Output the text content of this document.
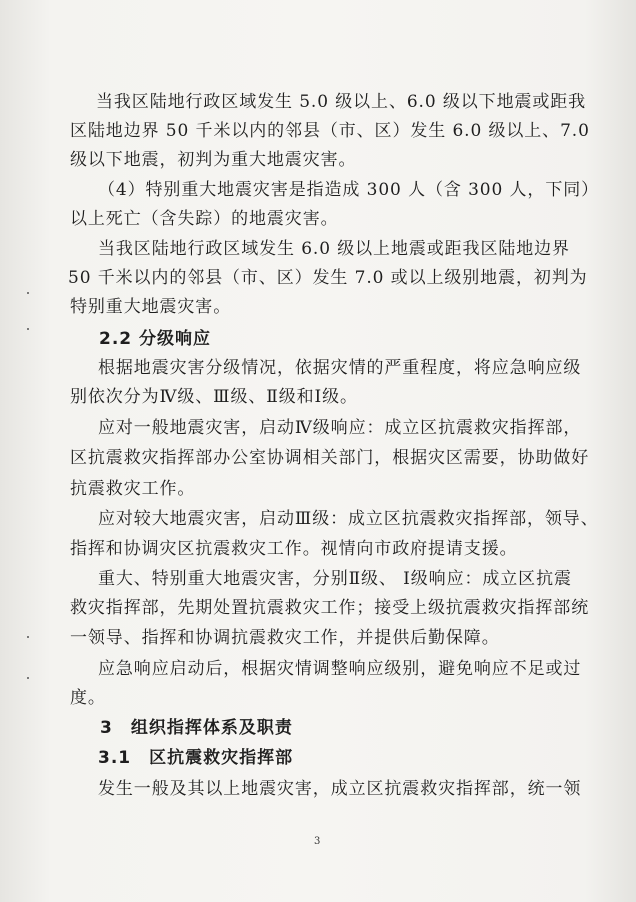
当我区陆地行政区域发生 5.0 级以上、6.0 级以下地震或距我
区陆地边界 50 千米以内的邻县（市、区）发生 6.0 级以上、7.0
级以下地震，初判为重大地震灾害。
（4）特别重大地震灾害是指造成 300 人（含 300 人，下同）
以上死亡（含失踪）的地震灾害。
当我区陆地行政区域发生 6.0 级以上地震或距我区陆地边界
50 千米以内的邻县（市、区）发生 7.0 或以上级别地震，初判为
特别重大地震灾害。
2.2 分级响应
根据地震灾害分级情况，依据灾情的严重程度，将应急响应级
别依次分为Ⅳ级、Ⅲ级、Ⅱ级和Ⅰ级。
应对一般地震灾害，启动Ⅳ级响应：成立区抗震救灾指挥部，
区抗震救灾指挥部办公室协调相关部门，根据灾区需要，协助做好
抗震救灾工作。
应对较大地震灾害，启动Ⅲ级：成立区抗震救灾指挥部，领导、
指挥和协调灾区抗震救灾工作。视情向市政府提请支援。
重大、特别重大地震灾害，分别Ⅱ级、 Ⅰ级响应：成立区抗震
救灾指挥部，先期处置抗震救灾工作；接受上级抗震救灾指挥部统
一领导、指挥和协调抗震救灾工作，并提供后勤保障。
应急响应启动后，根据灾情调整响应级别，避免响应不足或过
度。
3　组织指挥体系及职责
3.1　区抗震救灾指挥部
发生一般及其以上地震灾害，成立区抗震救灾指挥部，统一领
3
